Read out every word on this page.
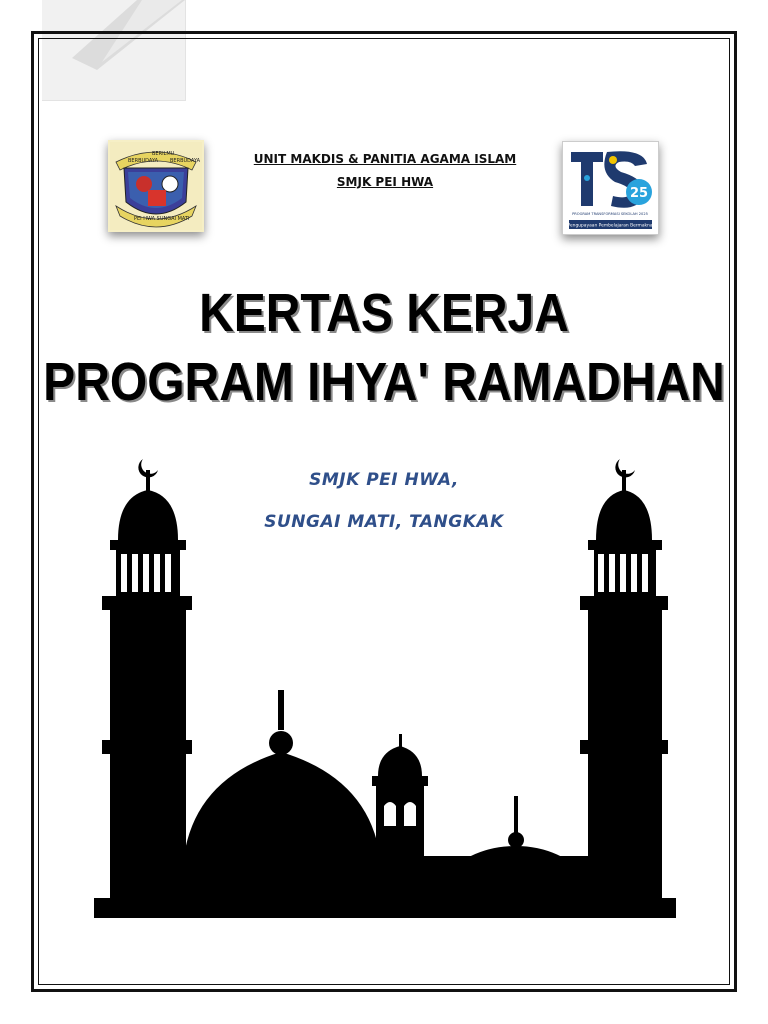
BERBUDAYA
BERILMU
BERBUDAYA
PEI HWA SUNGAI MATI
UNIT MAKDIS & PANITIA AGAMA ISLAM
SMJK PEI HWA
25
PROGRAM TRANSFORMASI SEKOLAH 2025
Pengupayaan Pembelajaran Bermakna
KERTAS KERJA
PROGRAM IHYA' RAMADHAN
SMJK PEI HWA,
SUNGAI MATI, TANGKAK
